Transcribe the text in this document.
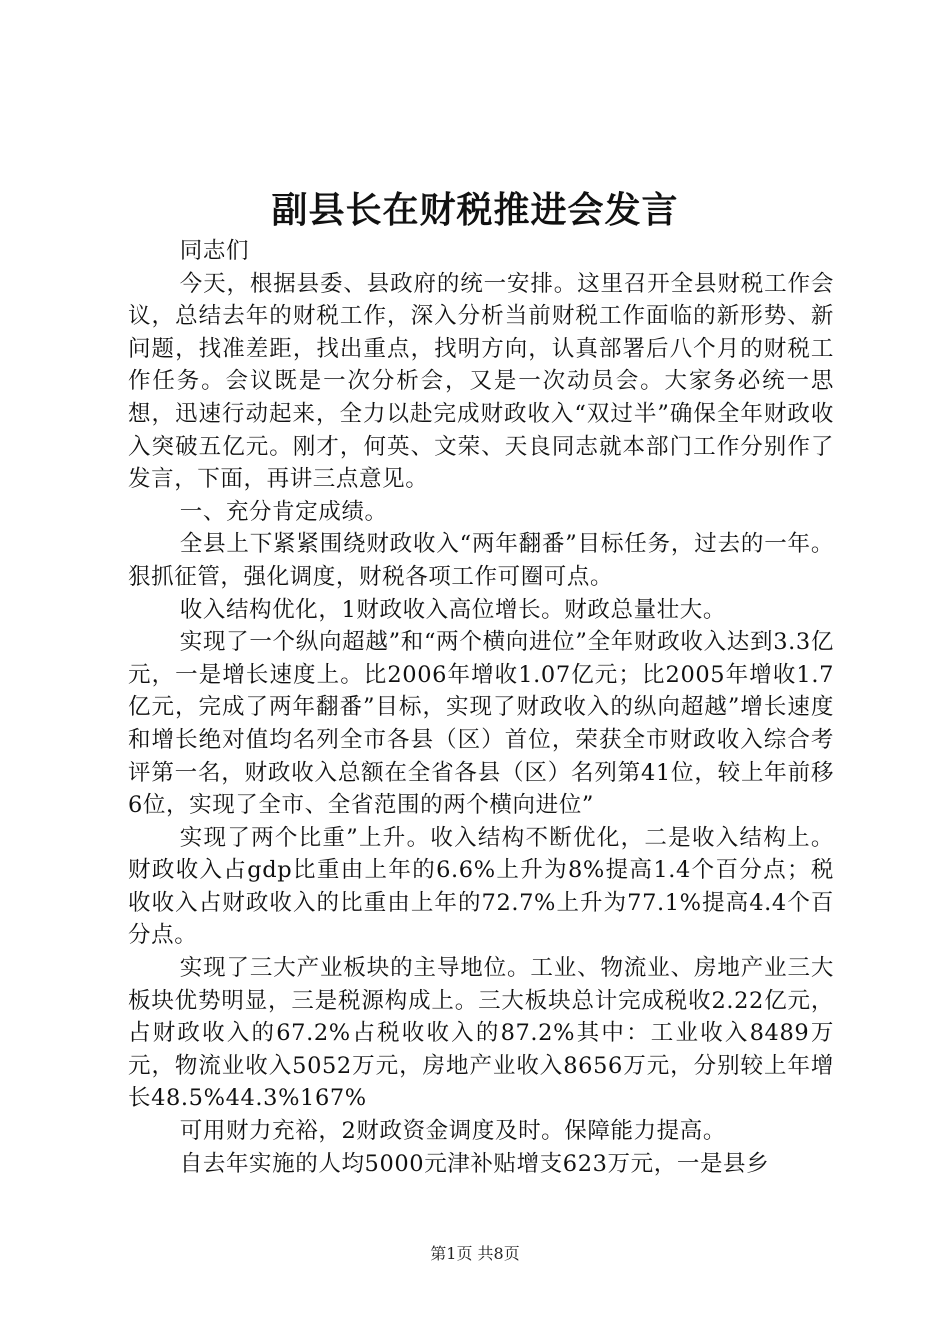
副县长在财税推进会发言

同志们

今天，根据县委、县政府的统一安排。这里召开全县财税工作会议，总结去年的财税工作，深入分析当前财税工作面临的新形势、新问题，找准差距，找出重点，找明方向，认真部署后八个月的财税工作任务。会议既是一次分析会，又是一次动员会。大家务必统一思想，迅速行动起来，全力以赴完成财政收入“双过半”确保全年财政收入突破五亿元。刚才，何英、文荣、天良同志就本部门工作分别作了发言，下面，再讲三点意见。

一、充分肯定成绩。

全县上下紧紧围绕财政收入“两年翻番”目标任务，过去的一年。狠抓征管，强化调度，财税各项工作可圈可点。

收入结构优化，1财政收入高位增长。财政总量壮大。

实现了一个纵向超越”和“两个横向进位”全年财政收入达到3.3亿元，一是增长速度上。比2006年增收1.07亿元；比2005年增收1.7亿元，完成了两年翻番”目标，实现了财政收入的纵向超越”增长速度和增长绝对值均名列全市各县（区）首位，荣获全市财政收入综合考评第一名，财政收入总额在全省各县（区）名列第41位，较上年前移6位，实现了全市、全省范围的两个横向进位”

实现了两个比重”上升。收入结构不断优化，二是收入结构上。财政收入占gdp比重由上年的6.6%上升为8%提高1.4个百分点；税收收入占财政收入的比重由上年的72.7%上升为77.1%提高4.4个百分点。

实现了三大产业板块的主导地位。工业、物流业、房地产业三大板块优势明显，三是税源构成上。三大板块总计完成税收2.22亿元，占财政收入的67.2%占税收收入的87.2%其中：工业收入8489万元，物流业收入5052万元，房地产业收入8656万元，分别较上年增长48.5%44.3%167%

可用财力充裕，2财政资金调度及时。保障能力提高。

自去年实施的人均5000元津补贴增支623万元，一是县乡

第1页 共8页
